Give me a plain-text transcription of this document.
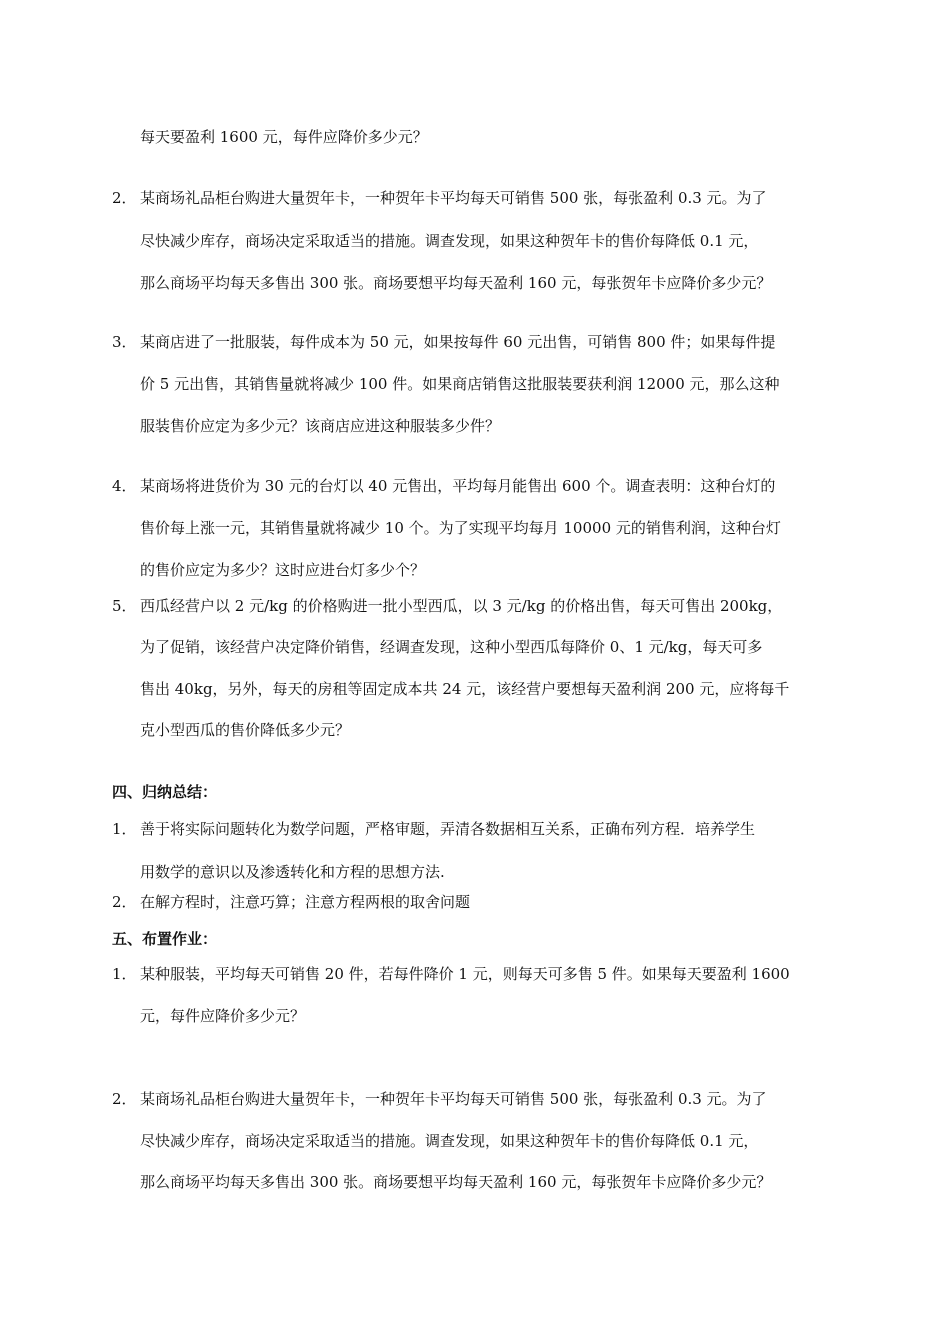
每天要盈利 1600 元，每件应降价多少元？
2． 某商场礼品柜台购进大量贺年卡，一种贺年卡平均每天可销售 500 张，每张盈利 0.3 元。为了
尽快减少库存，商场决定采取适当的措施。调查发现，如果这种贺年卡的售价每降低 0.1 元，
那么商场平均每天多售出 300 张。商场要想平均每天盈利 160 元，每张贺年卡应降价多少元？
3． 某商店进了一批服装，每件成本为 50 元，如果按每件 60 元出售，可销售 800 件；如果每件提
价 5 元出售，其销售量就将减少 100 件。如果商店销售这批服装要获利润 12000 元，那么这种
服装售价应定为多少元？该商店应进这种服装多少件？
4． 某商场将进货价为 30 元的台灯以 40 元售出，平均每月能售出 600 个。调查表明：这种台灯的
售价每上涨一元，其销售量就将减少 10 个。为了实现平均每月 10000 元的销售利润，这种台灯
的售价应定为多少？这时应进台灯多少个？
5． 西瓜经营户以 2 元/kg 的价格购进一批小型西瓜，以 3 元/kg 的价格出售，每天可售出 200kg，
为了促销，该经营户决定降价销售，经调查发现，这种小型西瓜每降价 0、1 元/kg，每天可多
售出 40kg，另外，每天的房租等固定成本共 24 元，该经营户要想每天盈利润 200 元，应将每千
克小型西瓜的售价降低多少元？
四、归纳总结：
1． 善于将实际问题转化为数学问题，严格审题，弄清各数据相互关系，正确布列方程．培养学生
用数学的意识以及渗透转化和方程的思想方法.
2． 在解方程时，注意巧算；注意方程两根的取舍问题
五、布置作业：
1． 某种服装，平均每天可销售 20 件，若每件降价 1 元，则每天可多售 5 件。如果每天要盈利 1600
元，每件应降价多少元？
2． 某商场礼品柜台购进大量贺年卡，一种贺年卡平均每天可销售 500 张，每张盈利 0.3 元。为了
尽快减少库存，商场决定采取适当的措施。调查发现，如果这种贺年卡的售价每降低 0.1 元，
那么商场平均每天多售出 300 张。商场要想平均每天盈利 160 元，每张贺年卡应降价多少元？
